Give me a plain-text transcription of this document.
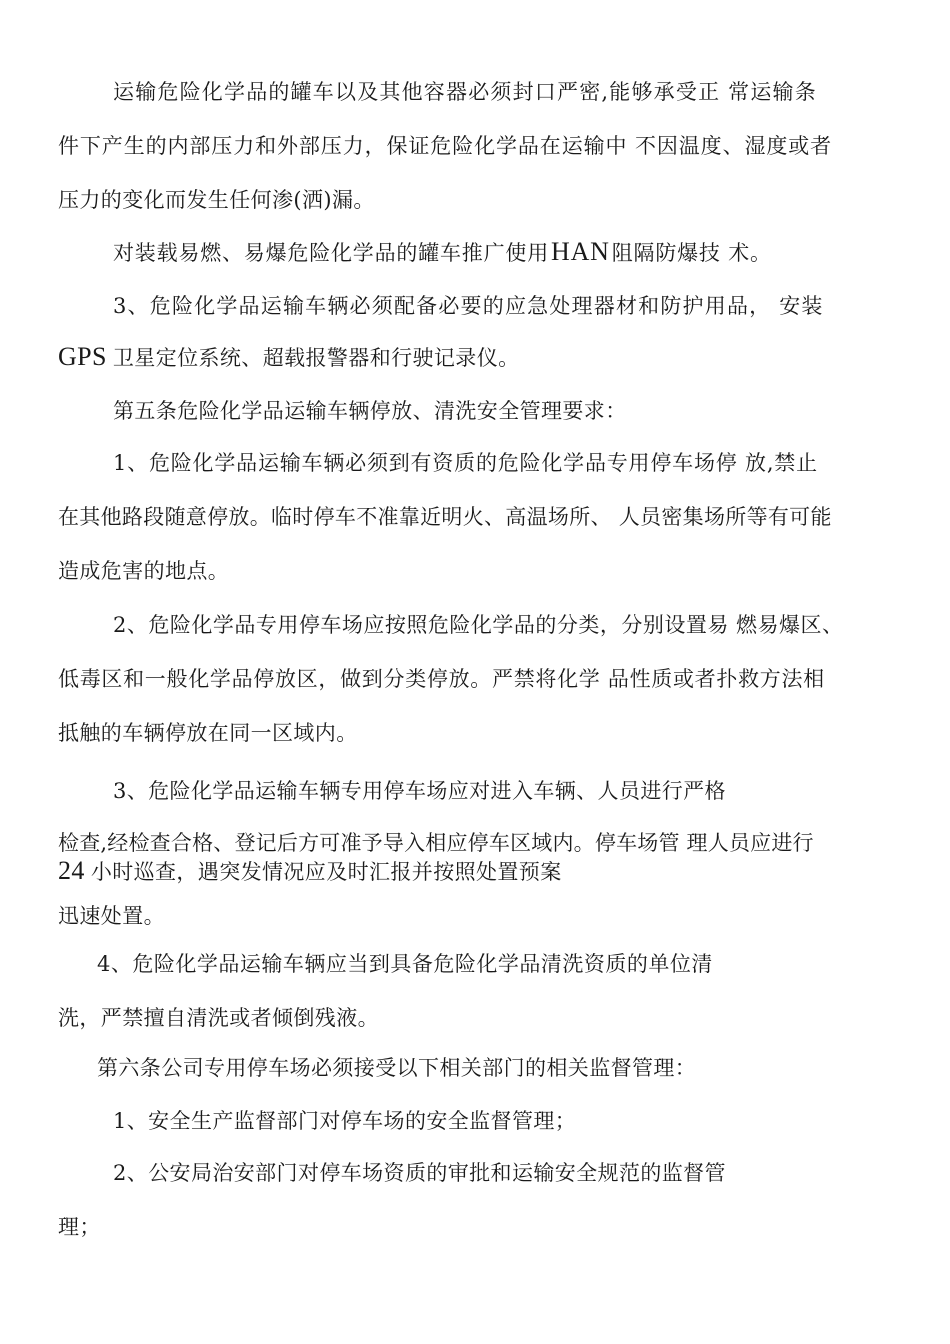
运输危险化学品的罐车以及其他容器必须封口严密,能够承受正 常运输条
件下产生的内部压力和外部压力，保证危险化学品在运输中 不因温度、湿度或者
压力的变化而发生任何渗(洒)漏。
对装载易燃、易爆危险化学品的罐车推广使用HAN阻隔防爆技 术。
3、危险化学品运输车辆必须配备必要的应急处理器材和防护用品， 安装
GPS 卫星定位系统、超载报警器和行驶记录仪。
第五条危险化学品运输车辆停放、清洗安全管理要求：
1、危险化学品运输车辆必须到有资质的危险化学品专用停车场停 放,禁止
在其他路段随意停放。临时停车不准靠近明火、高温场所、 人员密集场所等有可能
造成危害的地点。
2、危险化学品专用停车场应按照危险化学品的分类，分别设置易 燃易爆区、
低毒区和一般化学品停放区，做到分类停放。严禁将化学 品性质或者扑救方法相
抵触的车辆停放在同一区域内。
3、危险化学品运输车辆专用停车场应对进入车辆、人员进行严格
检查,经检查合格、登记后方可准予导入相应停车区域内。停车场管 理人员应进行
24 小时巡查，遇突发情况应及时汇报并按照处置预案
迅速处置。
4、危险化学品运输车辆应当到具备危险化学品清洗资质的单位清
洗，严禁擅自清洗或者倾倒残液。
第六条公司专用停车场必须接受以下相关部门的相关监督管理：
1、安全生产监督部门对停车场的安全监督管理；
2、公安局治安部门对停车场资质的审批和运输安全规范的监督管
理；
